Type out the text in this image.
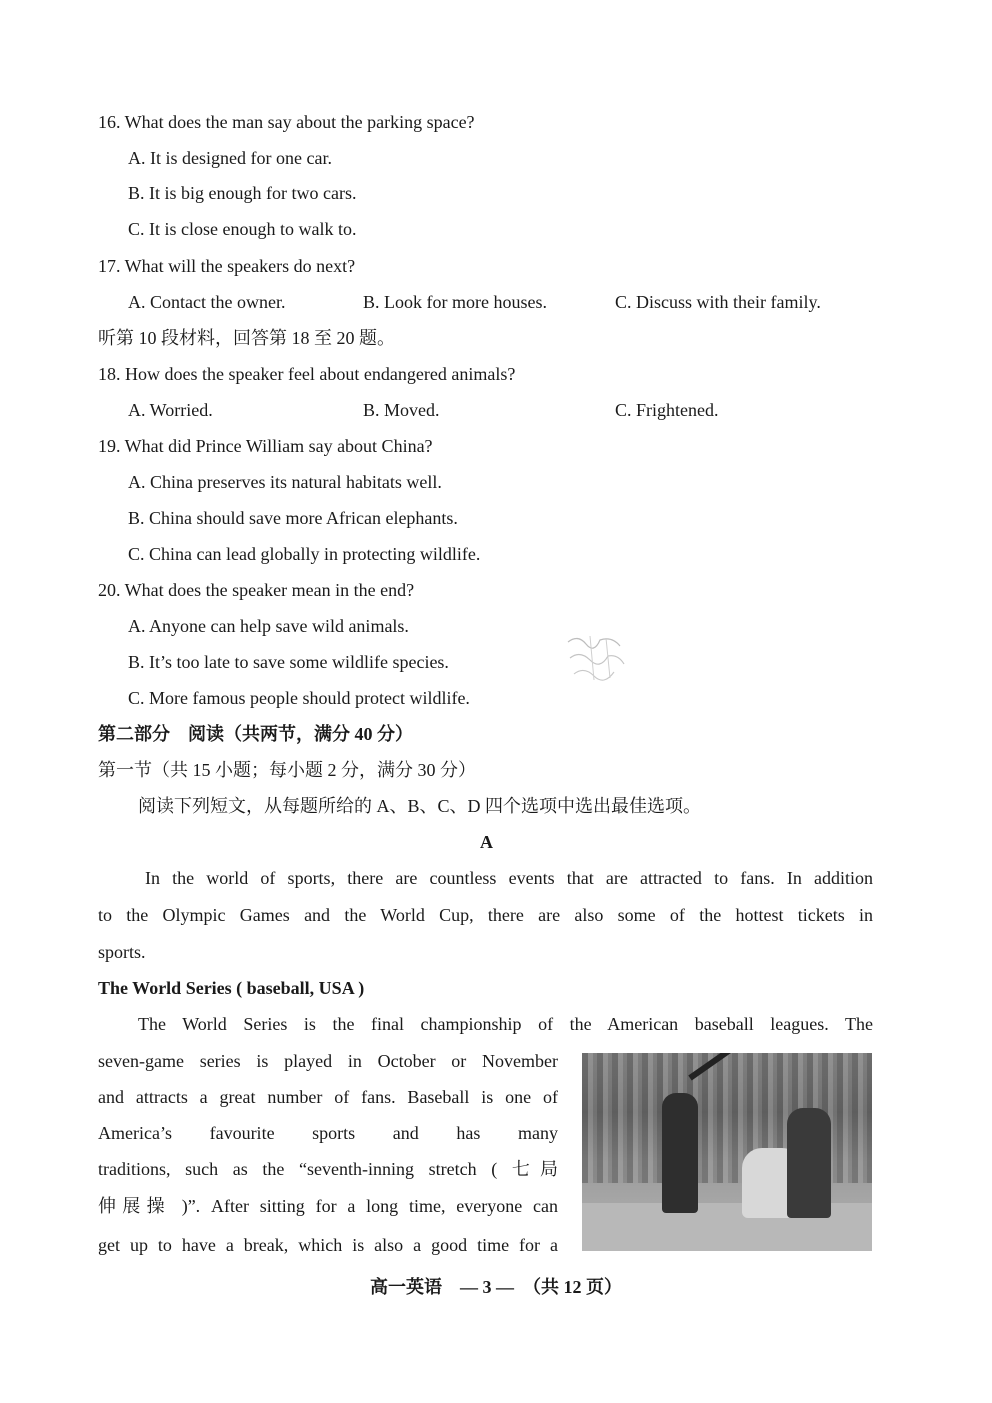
16. What does the man say about the parking space?
A. It is designed for one car.
B. It is big enough for two cars.
C. It is close enough to walk to.
17. What will the speakers do next?
A. Contact the owner.	B. Look for more houses.	C. Discuss with their family.
听第 10 段材料，回答第 18 至 20 题。
18. How does the speaker feel about endangered animals?
A. Worried.	B. Moved.	C. Frightened.
19. What did Prince William say about China?
A. China preserves its natural habitats well.
B. China should save more African elephants.
C. China can lead globally in protecting wildlife.
20. What does the speaker mean in the end?
A. Anyone can help save wild animals.
B. It’s too late to save some wildlife species.
C. More famous people should protect wildlife.
第二部分　阅读（共两节，满分 40 分）
第一节（共 15 小题；每小题 2 分，满分 30 分）
阅读下列短文，从每题所给的 A、B、C、D 四个选项中选出最佳选项。
A
In the world of sports, there are countless events that are attracted to fans. In addition
to the Olympic Games and the World Cup, there are also some of the hottest tickets in
sports.
The World Series ( baseball, USA )
The World Series is the final championship of the American baseball leagues. The
seven-game series is played in October or November
and attracts a great number of fans. Baseball is one of
America’s favourite sports and has many
traditions, such as the “seventh-inning stretch ( 七局
伸展操 )”. After sitting for a long time, everyone can
get up to have a break, which is also a good time for a
高一英语　— 3 —　（共 12 页）
